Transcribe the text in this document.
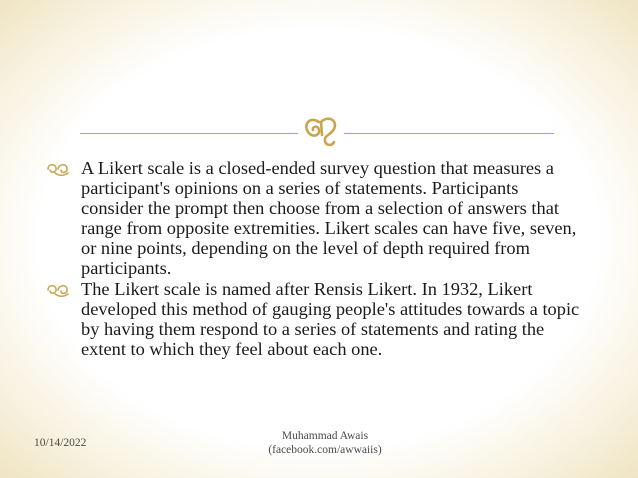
A Likert scale is a closed-ended survey question that measures a participant's opinions on a series of statements. Participants consider the prompt then choose from a selection of answers that range from opposite extremities. Likert scales can have five, seven, or nine points, depending on the level of depth required from participants.
The Likert scale is named after Rensis Likert. In 1932, Likert developed this method of gauging people's attitudes towards a topic by having them respond to a series of statements and rating the extent to which they feel about each one.
10/14/2022
Muhammad Awais
(facebook.com/awwaiis)
